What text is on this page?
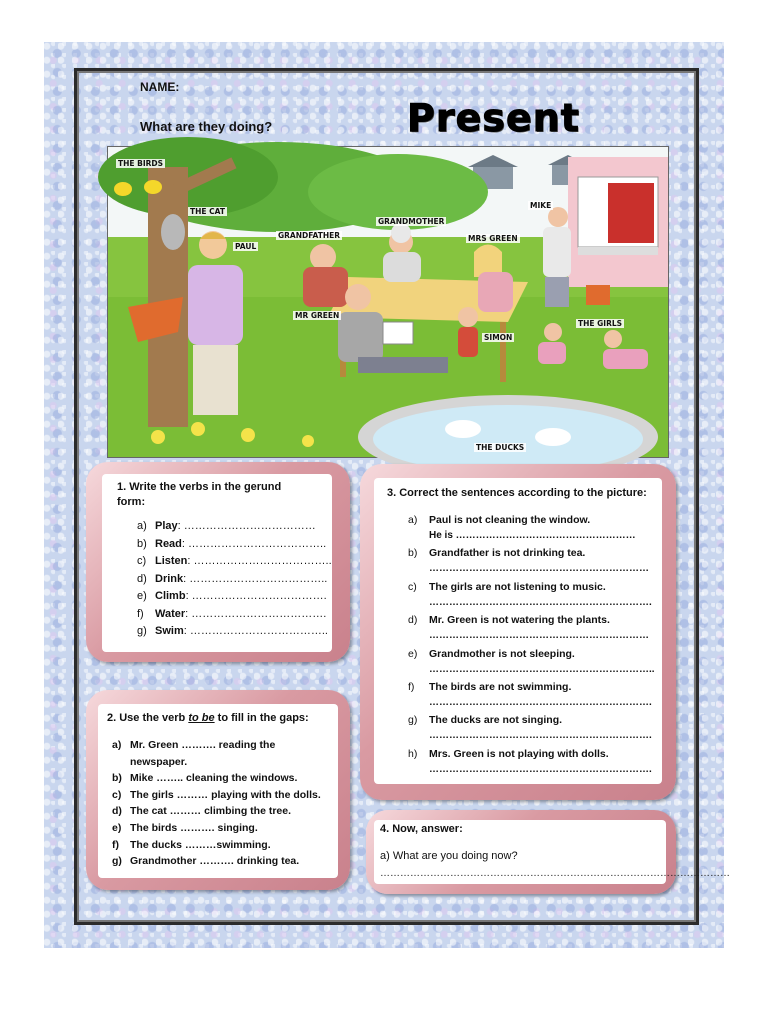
NAME:
What are they doing?	Present
THE BIRDS
THE CAT
PAUL
GRANDFATHER
GRANDMOTHER
MIKE
MRS GREEN
MR GREEN
SIMON
THE GIRLS
THE DUCKS
1. Write the verbs in the gerund
form:
2. Use the verb to be to fill in the gaps:
3. Correct the sentences according to the picture:
4. Now, answer:
a) What are you doing now?
……………………………………………………………………………………………
a) Play: ………………………………
b) Read: ………………………………..
c) Listen: ………………………………..
d) Drink: ………………………………..
e) Climb: ……………………………….
f) Water: ……………………………….
g) Swim: ………………………………..
a) Mr. Green ………. reading the
newspaper.
b) Mike …….. cleaning the windows.
c) The girls ……… playing with the dolls.
d) The cat ……… climbing the tree.
e) The birds ………. singing.
f) The ducks ………swimming.
g) Grandmother ………. drinking tea.
a) Paul is not cleaning the window.
He is ………………………………………………
b) Grandfather is not drinking tea.
…………………………………………………………
c) The girls are not listening to music.
………………………………………………………….
d) Mr. Green is not watering the plants.
…………………………………………………………
e) Grandmother is not sleeping.
…………………………………………………………..
f) The birds are not swimming.
………………………………………………………….
g) The ducks are not singing.
………………………………………………………….
h) Mrs. Green is not playing with dolls.
………………………………………………………….
